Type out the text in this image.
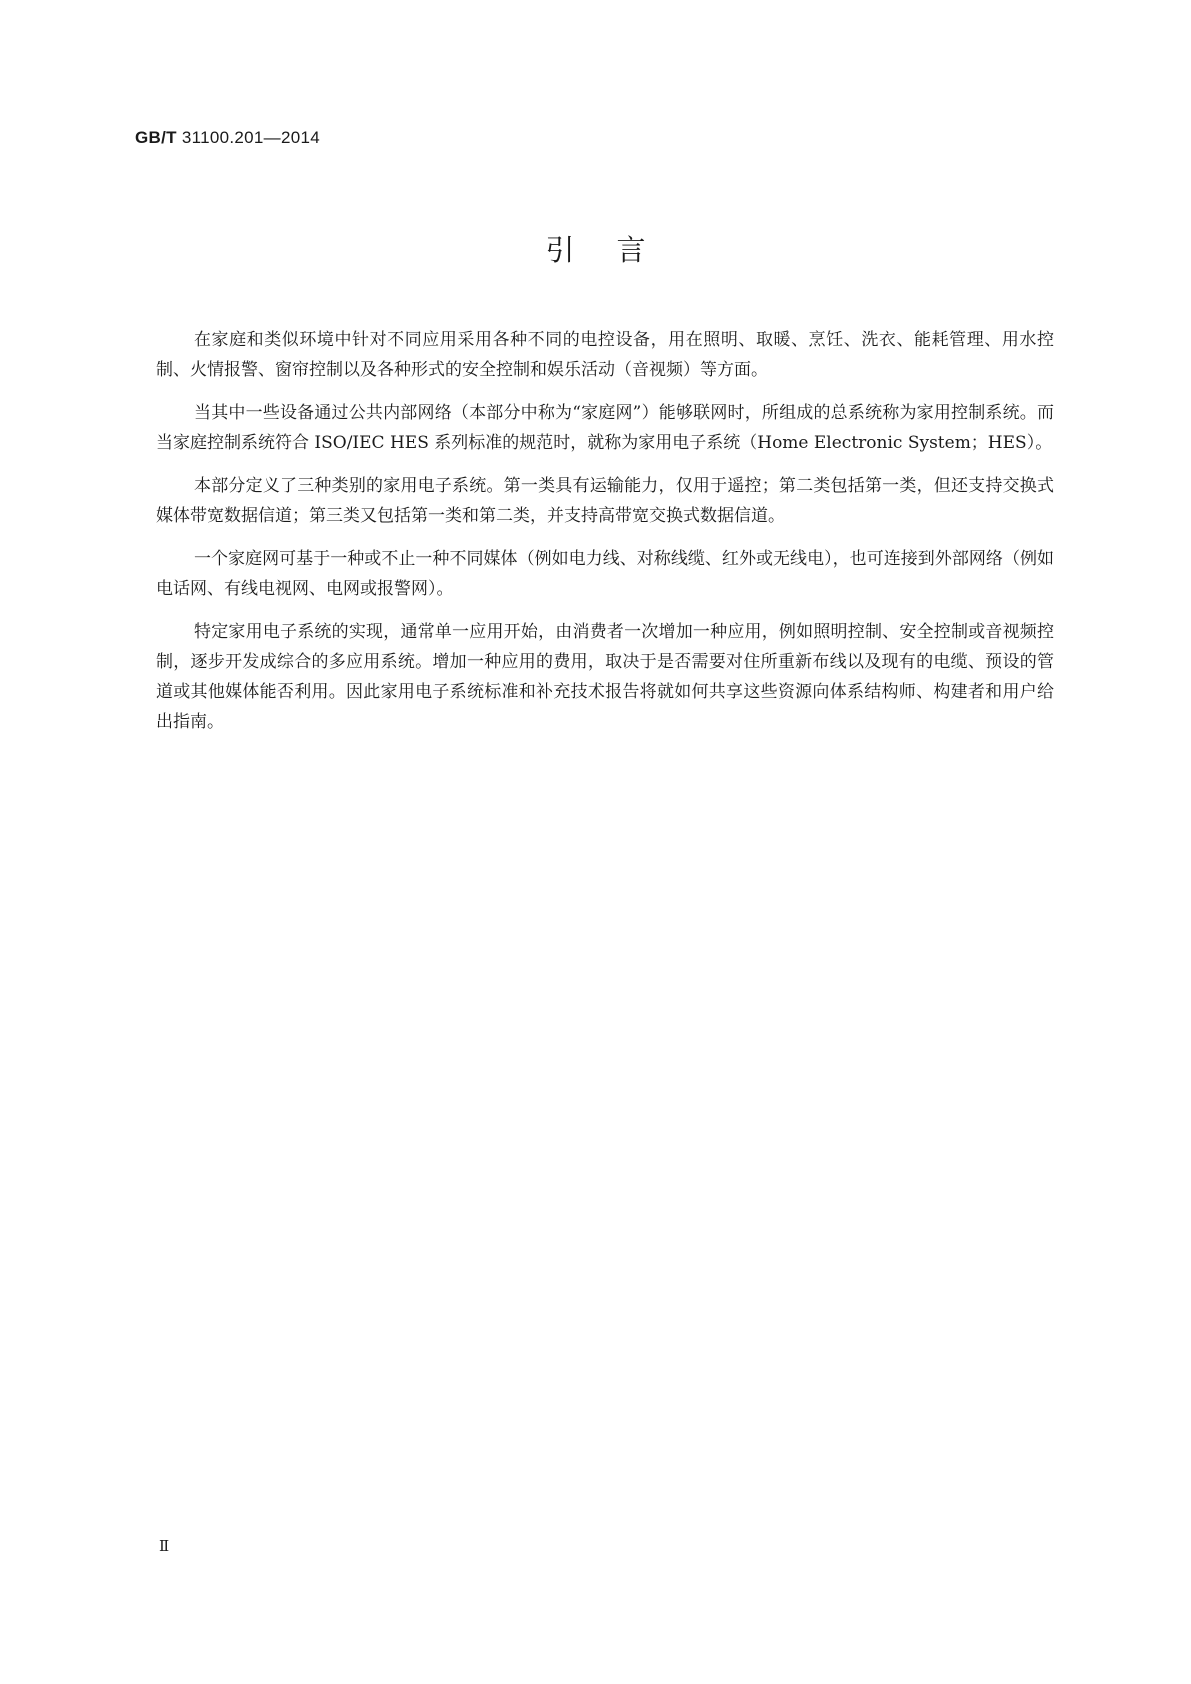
GB/T 31100.201—2014
引言

在家庭和类似环境中针对不同应用采用各种不同的电控设备，用在照明、取暖、烹饪、洗衣、能耗管理、用水控制、火情报警、窗帘控制以及各种形式的安全控制和娱乐活动（音视频）等方面。

当其中一些设备通过公共内部网络（本部分中称为“家庭网”）能够联网时，所组成的总系统称为家用控制系统。而当家庭控制系统符合 ISO/IEC HES 系列标准的规范时，就称为家用电子系统（Home Electronic System；HES）。

本部分定义了三种类别的家用电子系统。第一类具有运输能力，仅用于遥控；第二类包括第一类，但还支持交换式媒体带宽数据信道；第三类又包括第一类和第二类，并支持高带宽交换式数据信道。

一个家庭网可基于一种或不止一种不同媒体（例如电力线、对称线缆、红外或无线电），也可连接到外部网络（例如电话网、有线电视网、电网或报警网）。

特定家用电子系统的实现，通常单一应用开始，由消费者一次增加一种应用，例如照明控制、安全控制或音视频控制，逐步开发成综合的多应用系统。增加一种应用的费用，取决于是否需要对住所重新布线以及现有的电缆、预设的管道或其他媒体能否利用。因此家用电子系统标准和补充技术报告将就如何共享这些资源向体系结构师、构建者和用户给出指南。

Ⅱ
